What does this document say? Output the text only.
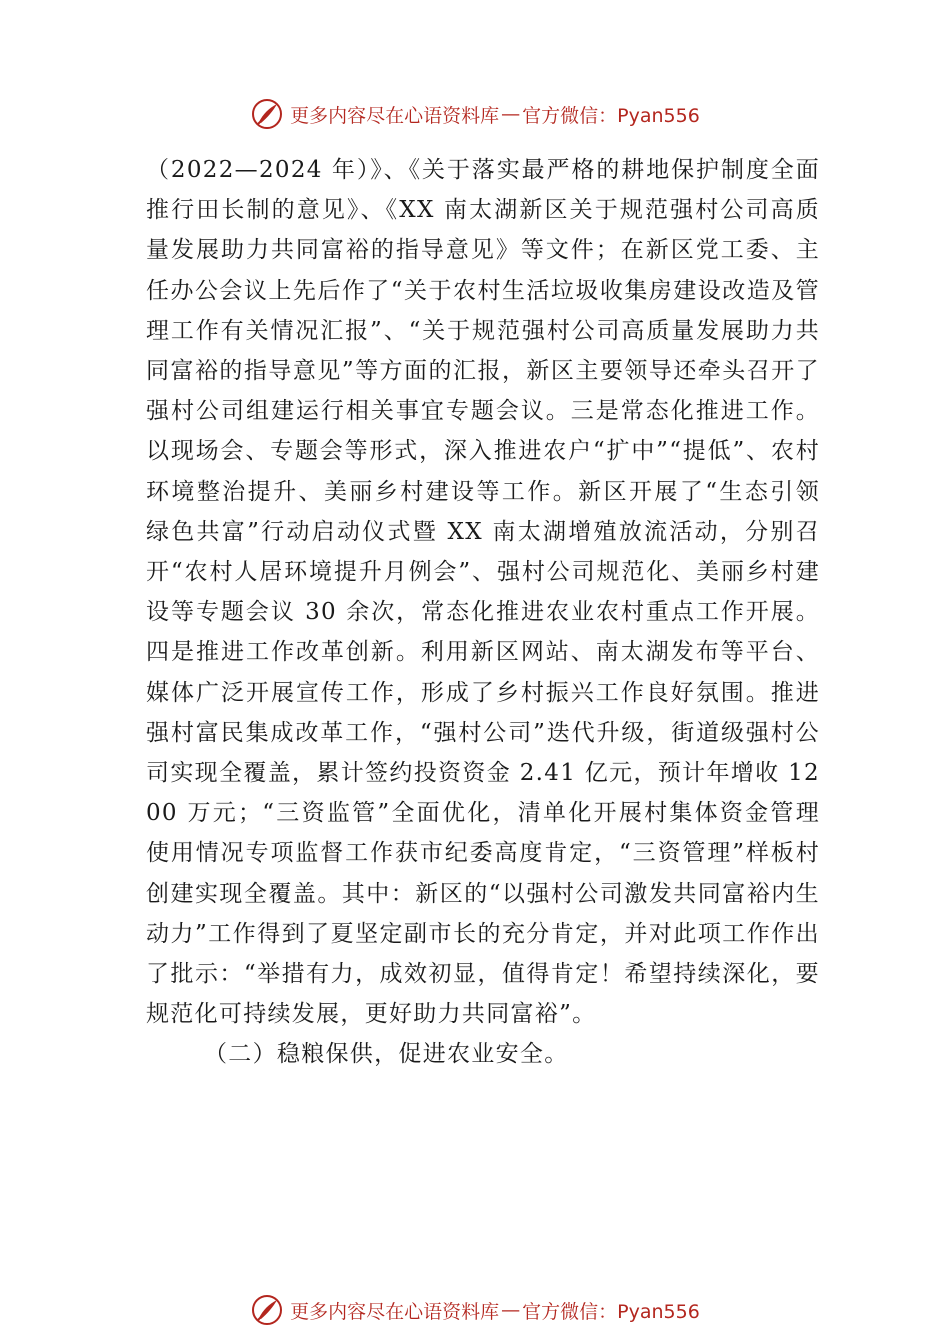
更多内容尽在心语资料库 — 官方微信：Pyan556

（2022—2024 年）》、《关于落实最严格的耕地保护制度全面推行田长制的意见》、《XX 南太湖新区关于规范强村公司高质量发展助力共同富裕的指导意见》等文件；在新区党工委、主任办公会议上先后作了“关于农村生活垃圾收集房建设改造及管理工作有关情况汇报”、“关于规范强村公司高质量发展助力共同富裕的指导意见”等方面的汇报，新区主要领导还牵头召开了强村公司组建运行相关事宜专题会议。三是常态化推进工作。以现场会、专题会等形式，深入推进农户“扩中”“提低”、农村环境整治提升、美丽乡村建设等工作。新区开展了“生态引领 绿色共富”行动启动仪式暨 XX 南太湖增殖放流活动，分别召开“农村人居环境提升月例会”、强村公司规范化、美丽乡村建设等专题会议 30 余次，常态化推进农业农村重点工作开展。四是推进工作改革创新。利用新区网站、南太湖发布等平台、媒体广泛开展宣传工作，形成了乡村振兴工作良好氛围。推进强村富民集成改革工作，“强村公司”迭代升级，街道级强村公司实现全覆盖，累计签约投资资金 2.41 亿元，预计年增收 1200 万元；“三资监管”全面优化，清单化开展村集体资金管理使用情况专项监督工作获市纪委高度肯定，“三资管理”样板村创建实现全覆盖。其中：新区的“以强村公司激发共同富裕内生动力”工作得到了夏坚定副市长的充分肯定，并对此项工作作出了批示：“举措有力，成效初显，值得肯定！希望持续深化，要规范化可持续发展，更好助力共同富裕”。

（二）稳粮保供，促进农业安全。

更多内容尽在心语资料库 — 官方微信：Pyan556
